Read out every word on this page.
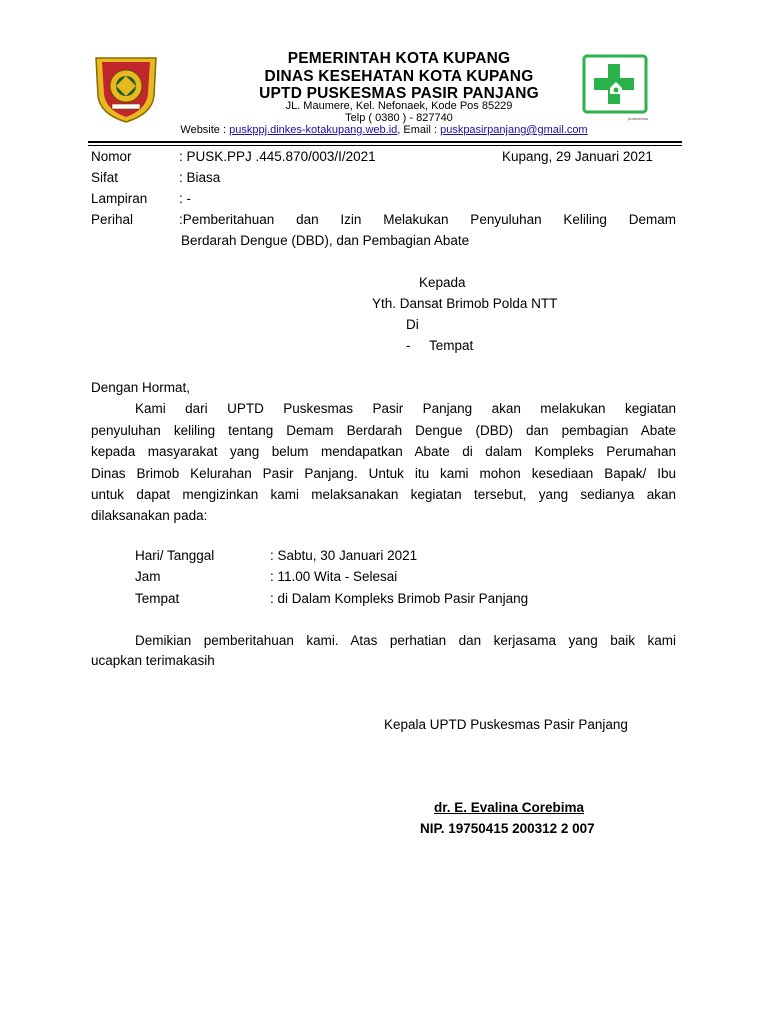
puskesmas
PEMERINTAH KOTA KUPANG
DINAS KESEHATAN KOTA KUPANG
UPTD PUSKESMAS PASIR PANJANG
JL. Maumere, Kel. Nefonaek, Kode Pos 85229
Telp ( 0380 ) - 827740
Website : puskppj.dinkes-kotakupang.web.id, Email : puskpasirpanjang@gmail.com
Nomor	: PUSK.PPJ .445.870/003/I/2021	Kupang, 29 Januari 2021
Sifat	: Biasa
Lampiran : -
Perihal	:Pemberitahuan dan Izin Melakukan Penyuluhan Keliling Demam
Berdarah Dengue (DBD), dan Pembagian Abate
Kepada
Yth. Dansat Brimob Polda NTT
Di
- Tempat
Dengan Hormat,
Kami dari UPTD Puskesmas Pasir Panjang akan melakukan kegiatan
penyuluhan keliling tentang Demam Berdarah Dengue (DBD) dan pembagian Abate
kepada masyarakat yang belum mendapatkan Abate di dalam Kompleks Perumahan
Dinas Brimob Kelurahan Pasir Panjang. Untuk itu kami mohon kesediaan Bapak/ Ibu
untuk dapat mengizinkan kami melaksanakan kegiatan tersebut, yang sedianya akan
dilaksanakan pada:
Hari/ Tanggal	: Sabtu, 30 Januari 2021
Jam	: 11.00 Wita - Selesai
Tempat	: di Dalam Kompleks Brimob Pasir Panjang
Demikian pemberitahuan kami. Atas perhatian dan kerjasama yang baik kami
ucapkan terimakasih
Kepala UPTD Puskesmas Pasir Panjang
dr. E. Evalina Corebima
NIP. 19750415 200312 2 007
